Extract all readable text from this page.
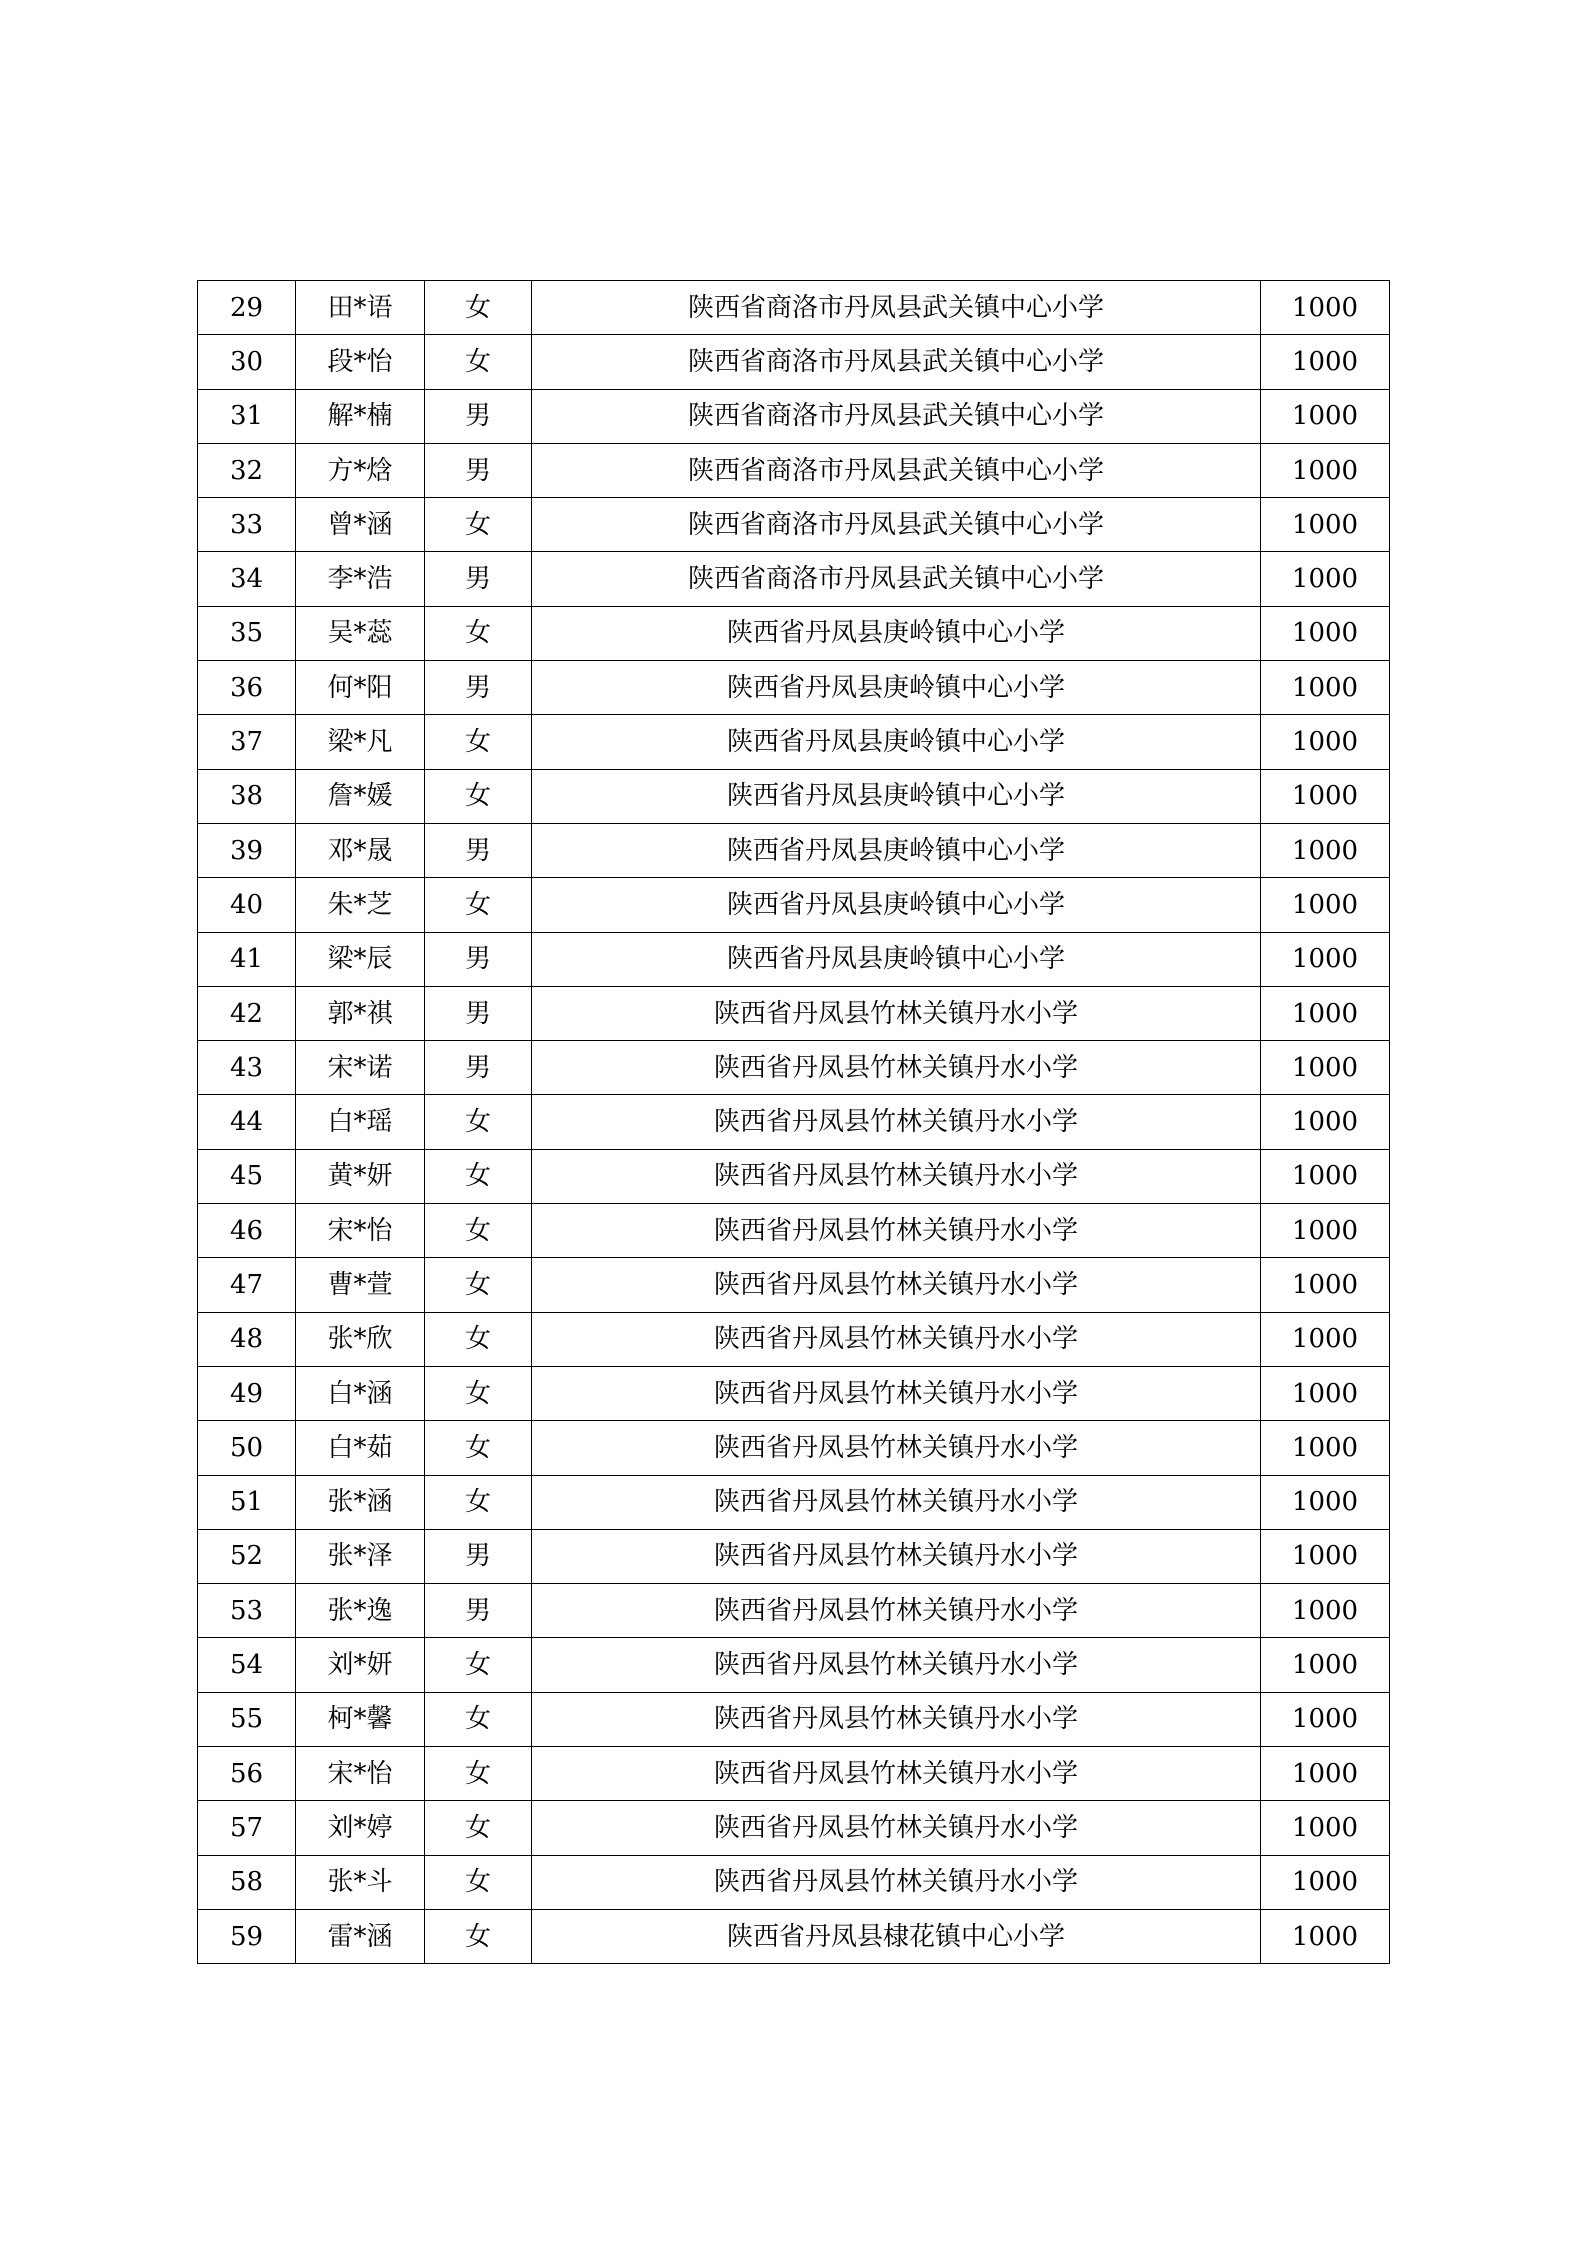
29	田*语	女	陕西省商洛市丹凤县武关镇中心小学	1000
30	段*怡	女	陕西省商洛市丹凤县武关镇中心小学	1000
31	解*楠	男	陕西省商洛市丹凤县武关镇中心小学	1000
32	方*焓	男	陕西省商洛市丹凤县武关镇中心小学	1000
33	曾*涵	女	陕西省商洛市丹凤县武关镇中心小学	1000
34	李*浩	男	陕西省商洛市丹凤县武关镇中心小学	1000
35	吴*蕊	女	陕西省丹凤县庚岭镇中心小学	1000
36	何*阳	男	陕西省丹凤县庚岭镇中心小学	1000
37	梁*凡	女	陕西省丹凤县庚岭镇中心小学	1000
38	詹*媛	女	陕西省丹凤县庚岭镇中心小学	1000
39	邓*晟	男	陕西省丹凤县庚岭镇中心小学	1000
40	朱*芝	女	陕西省丹凤县庚岭镇中心小学	1000
41	梁*辰	男	陕西省丹凤县庚岭镇中心小学	1000
42	郭*祺	男	陕西省丹凤县竹林关镇丹水小学	1000
43	宋*诺	男	陕西省丹凤县竹林关镇丹水小学	1000
44	白*瑶	女	陕西省丹凤县竹林关镇丹水小学	1000
45	黄*妍	女	陕西省丹凤县竹林关镇丹水小学	1000
46	宋*怡	女	陕西省丹凤县竹林关镇丹水小学	1000
47	曹*萱	女	陕西省丹凤县竹林关镇丹水小学	1000
48	张*欣	女	陕西省丹凤县竹林关镇丹水小学	1000
49	白*涵	女	陕西省丹凤县竹林关镇丹水小学	1000
50	白*茹	女	陕西省丹凤县竹林关镇丹水小学	1000
51	张*涵	女	陕西省丹凤县竹林关镇丹水小学	1000
52	张*泽	男	陕西省丹凤县竹林关镇丹水小学	1000
53	张*逸	男	陕西省丹凤县竹林关镇丹水小学	1000
54	刘*妍	女	陕西省丹凤县竹林关镇丹水小学	1000
55	柯*馨	女	陕西省丹凤县竹林关镇丹水小学	1000
56	宋*怡	女	陕西省丹凤县竹林关镇丹水小学	1000
57	刘*婷	女	陕西省丹凤县竹林关镇丹水小学	1000
58	张*斗	女	陕西省丹凤县竹林关镇丹水小学	1000
59	雷*涵	女	陕西省丹凤县棣花镇中心小学	1000
